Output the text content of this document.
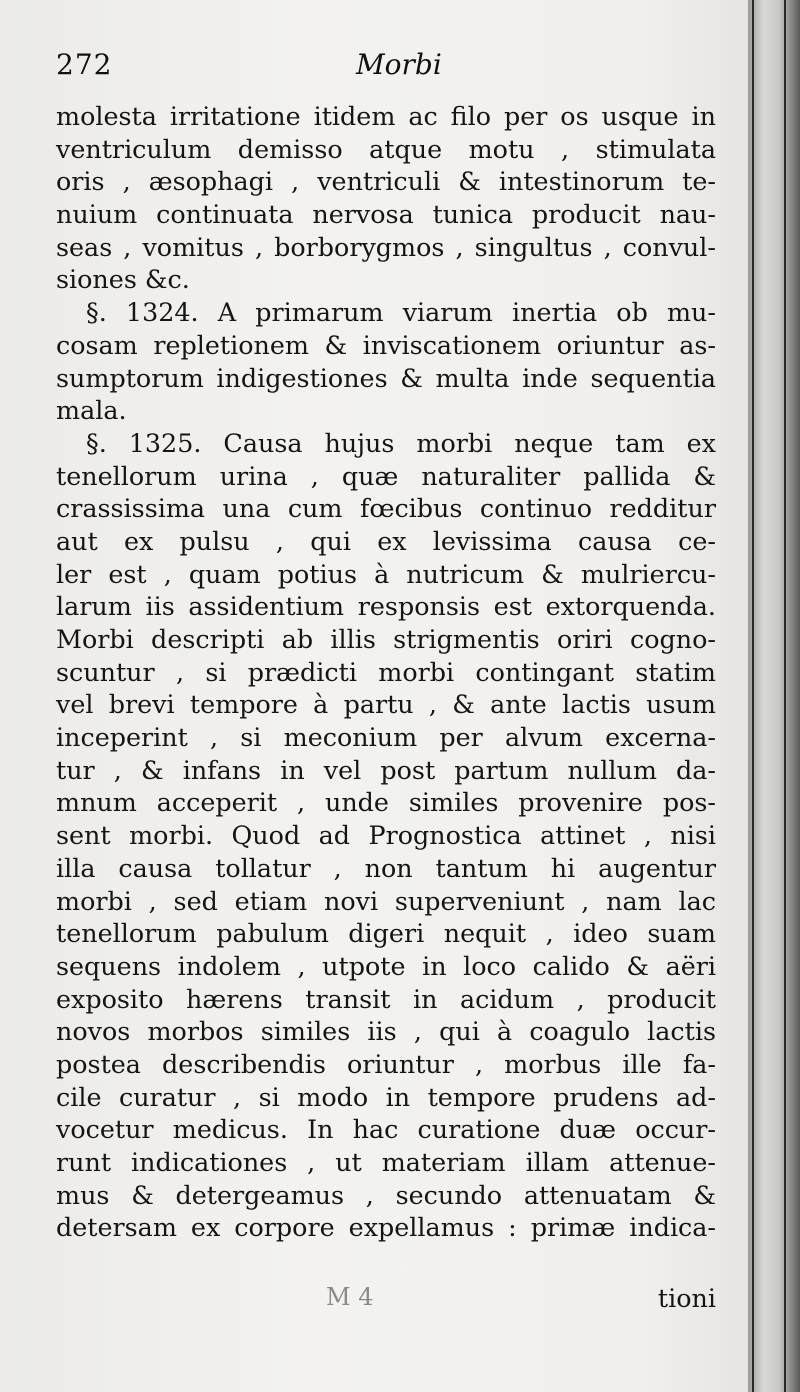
272	Morbi
molesta irritatione itidem ac filo per os usque in
ventriculum demisso atque motu , stimulata
oris , æsophagi , ventriculi & intestinorum te-
nuium continuata nervosa tunica producit nau-
seas , vomitus , borborygmos , singultus , convul-
siones &c.
§. 1324. A primarum viarum inertia ob mu-
cosam repletionem & inviscationem oriuntur as-
sumptorum indigestiones & multa inde sequentia
mala.
§. 1325. Causa hujus morbi neque tam ex
tenellorum urina , quæ naturaliter pallida &
crassissima una cum fœcibus continuo redditur
aut ex pulsu , qui ex levissima causa ce-
ler est , quam potius à nutricum & mulriercu-
larum iis assidentium responsis est extorquenda.
Morbi descripti ab illis strigmentis oriri cogno-
scuntur , si prædicti morbi contingant statim
vel brevi tempore à partu , & ante lactis usum
inceperint , si meconium per alvum excerna-
tur , & infans in vel post partum nullum da-
mnum acceperit , unde similes provenire pos-
sent morbi. Quod ad Prognostica attinet , nisi
illa causa tollatur , non tantum hi augentur
morbi , sed etiam novi superveniunt , nam lac
tenellorum pabulum digeri nequit , ideo suam
sequens indolem , utpote in loco calido & aëri
exposito hærens transit in acidum , producit
novos morbos similes iis , qui à coagulo lactis
postea describendis oriuntur , morbus ille fa-
cile curatur , si modo in tempore prudens ad-
vocetur medicus. In hac curatione duæ occur-
runt indicationes , ut materiam illam attenue-
mus & detergeamus , secundo attenuatam &
detersam ex corpore expellamus : primæ indica-
M 4	tioni
